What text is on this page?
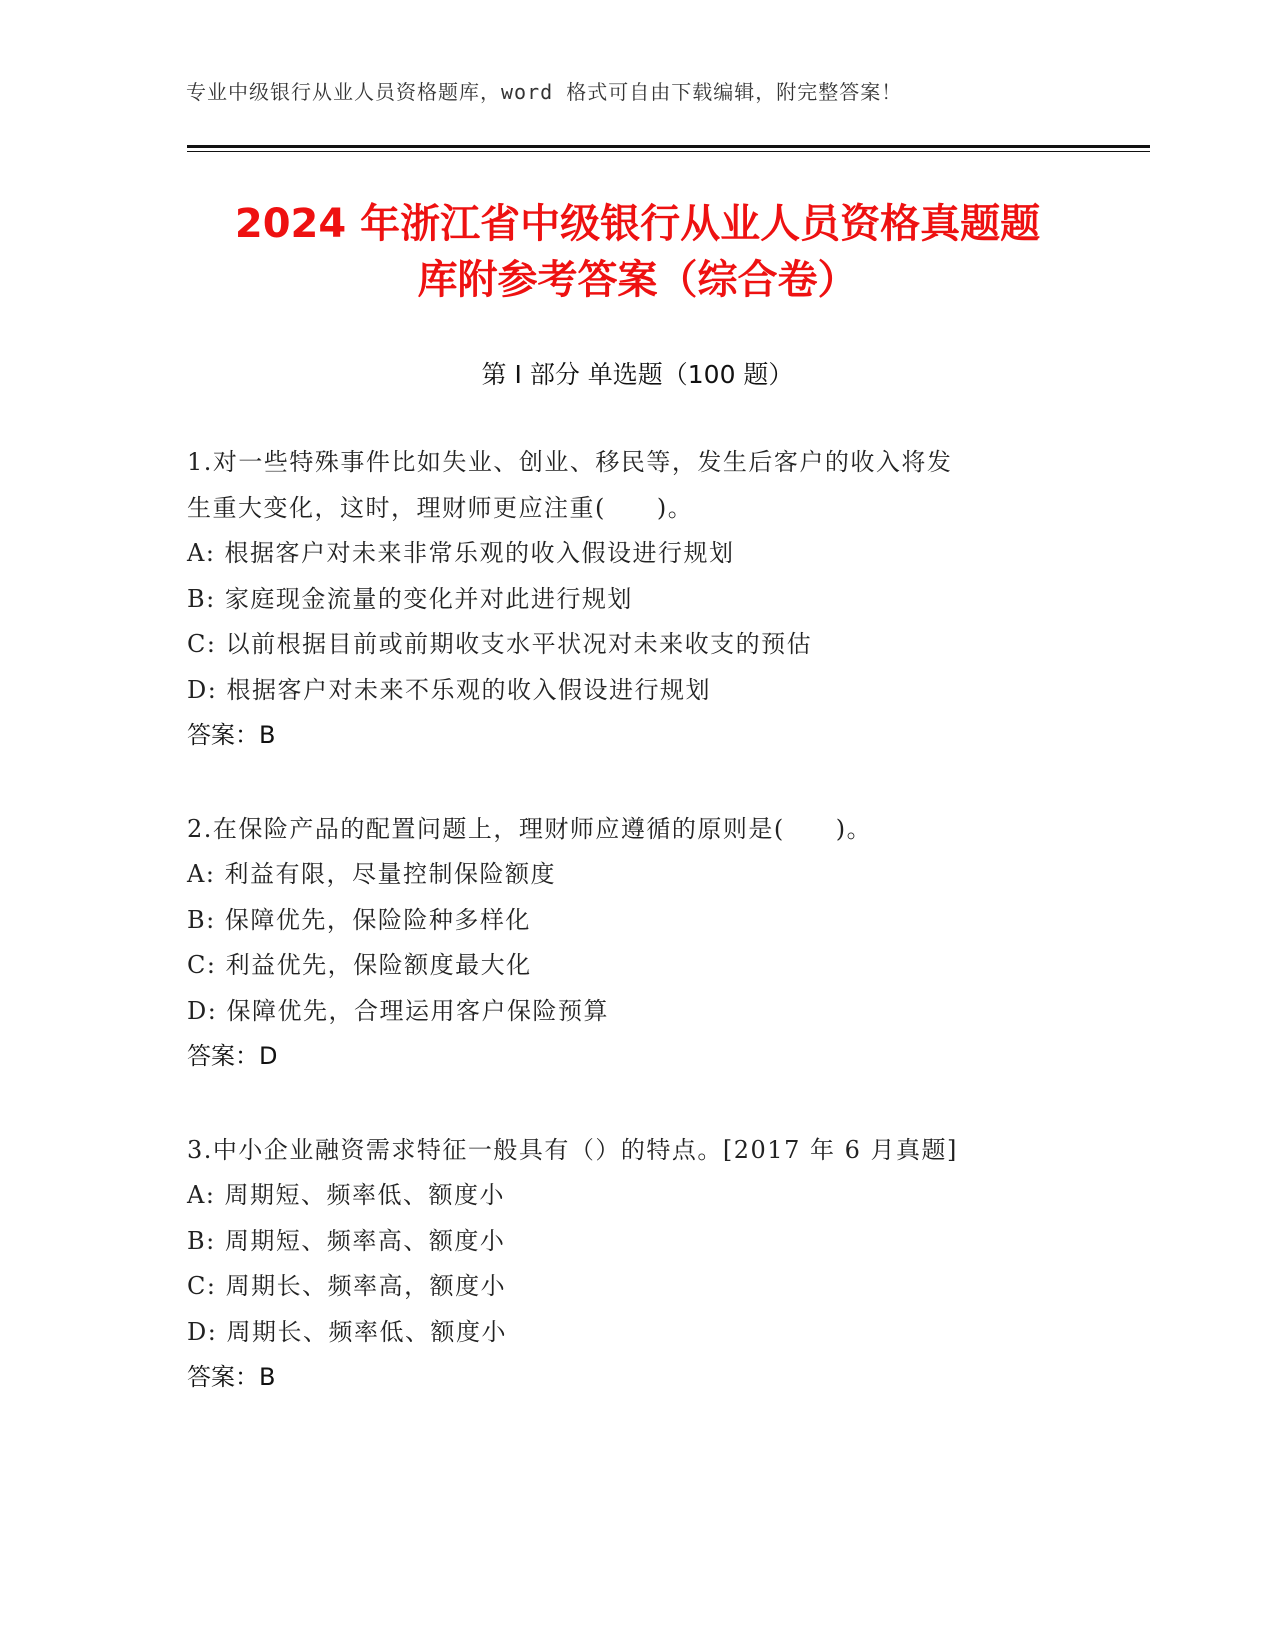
专业中级银行从业人员资格题库，word 格式可自由下载编辑，附完整答案！
2024 年浙江省中级银行从业人员资格真题题
库附参考答案（综合卷）
第 I 部分 单选题（100 题）
1.对一些特殊事件比如失业、创业、移民等，发生后客户的收入将发
生重大变化，这时，理财师更应注重(　　)。
A: 根据客户对未来非常乐观的收入假设进行规划
B: 家庭现金流量的变化并对此进行规划
C: 以前根据目前或前期收支水平状况对未来收支的预估
D: 根据客户对未来不乐观的收入假设进行规划
答案：B
2.在保险产品的配置问题上，理财师应遵循的原则是(　　)。
A: 利益有限，尽量控制保险额度
B: 保障优先，保险险种多样化
C: 利益优先，保险额度最大化
D: 保障优先，合理运用客户保险预算
答案：D
3.中小企业融资需求特征一般具有（）的特点。[2017 年 6 月真题]
A: 周期短、频率低、额度小
B: 周期短、频率高、额度小
C: 周期长、频率高，额度小
D: 周期长、频率低、额度小
答案：B
